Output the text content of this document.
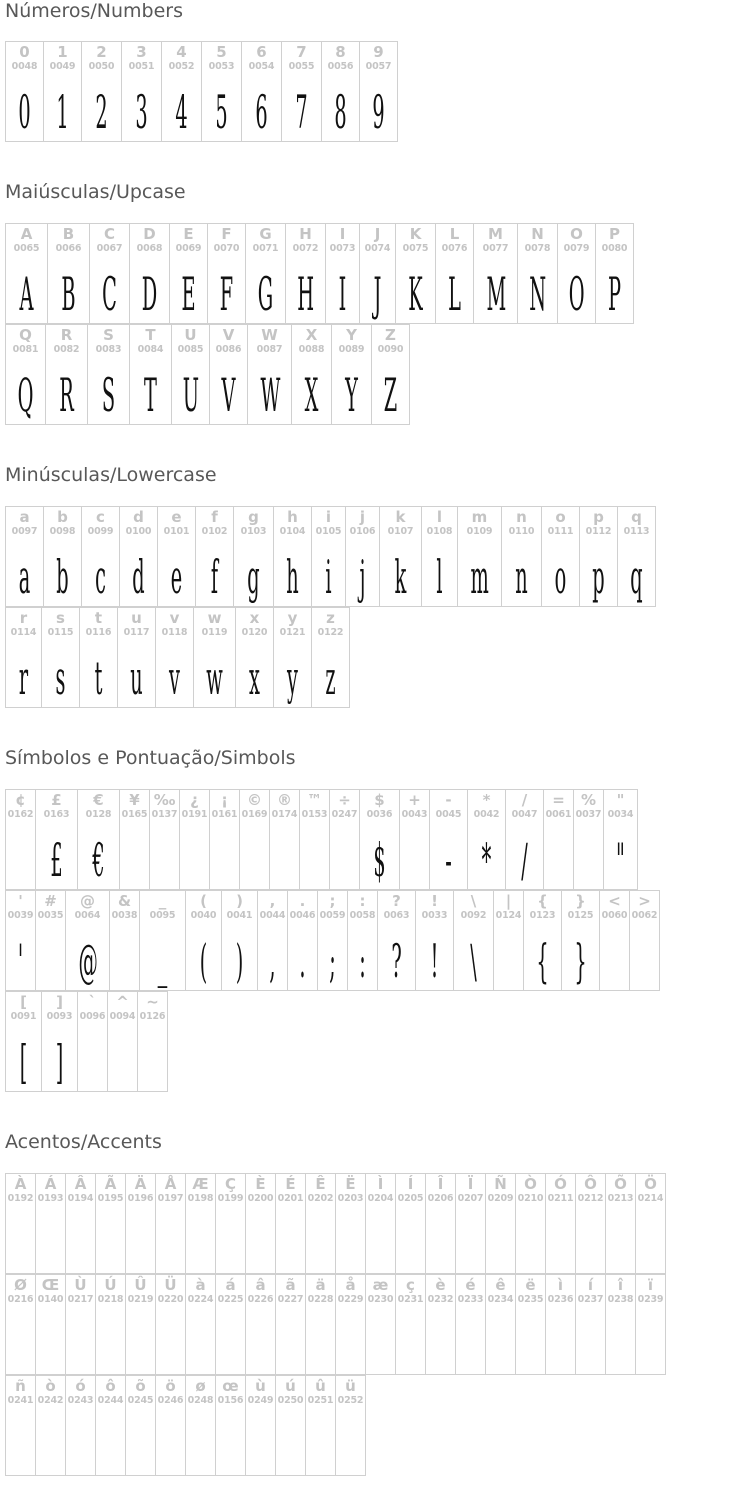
Números/Numbers
0
0048
0
1
0049
1
2
0050
2
3
0051
3
4
0052
4
5
0053
5
6
0054
6
7
0055
7
8
0056
8
9
0057
9
Maiúsculas/Upcase
A
0065
A
B
0066
B
C
0067
C
D
0068
D
E
0069
E
F
0070
F
G
0071
G
H
0072
H
I
0073
I
J
0074
J
K
0075
K
L
0076
L
M
0077
M
N
0078
N
O
0079
O
P
0080
P
Q
0081
Q
R
0082
R
S
0083
S
T
0084
T
U
0085
U
V
0086
V
W
0087
W
X
0088
X
Y
0089
Y
Z
0090
Z
Minúsculas/Lowercase
a
0097
a
b
0098
b
c
0099
c
d
0100
d
e
0101
e
f
0102
f
g
0103
g
h
0104
h
i
0105
i
j
0106
j
k
0107
k
l
0108
l
m
0109
m
n
0110
n
o
0111
o
p
0112
p
q
0113
q
r
0114
r
s
0115
s
t
0116
t
u
0117
u
v
0118
v
w
0119
w
x
0120
x
y
0121
y
z
0122
z
Símbolos e Pontuação/Simbols
¢
0162
£
0163
£
€
0128
€
¥
0165
‰
0137
¿
0191
¡
0161
©
0169
®
0174
™
0153
÷
0247
$
0036
$
+
0043
-
0045
-
*
0042
*
/
0047
/
=
0061
%
0037
"
0034
"
'
0039
'
#
0035
@
0064
@
&
0038
_
0095
_
(
0040
(
)
0041
)
,
0044
,
.
0046
.
;
0059
;
:
0058
:
?
0063
?
!
0033
!
\
0092
\
|
0124
{
0123
{
}
0125
}
<
0060
>
0062
[
0091
[
]
0093
]
`
0096
^
0094
~
0126
Acentos/Accents
À
0192
Á
0193
Â
0194
Ã
0195
Ä
0196
Å
0197
Æ
0198
Ç
0199
È
0200
É
0201
Ê
0202
Ë
0203
Ì
0204
Í
0205
Î
0206
Ï
0207
Ñ
0209
Ò
0210
Ó
0211
Ô
0212
Õ
0213
Ö
0214
Ø
0216
Œ
0140
Ù
0217
Ú
0218
Û
0219
Ü
0220
à
0224
á
0225
â
0226
ã
0227
ä
0228
å
0229
æ
0230
ç
0231
è
0232
é
0233
ê
0234
ë
0235
ì
0236
í
0237
î
0238
ï
0239
ñ
0241
ò
0242
ó
0243
ô
0244
õ
0245
ö
0246
ø
0248
œ
0156
ù
0249
ú
0250
û
0251
ü
0252
